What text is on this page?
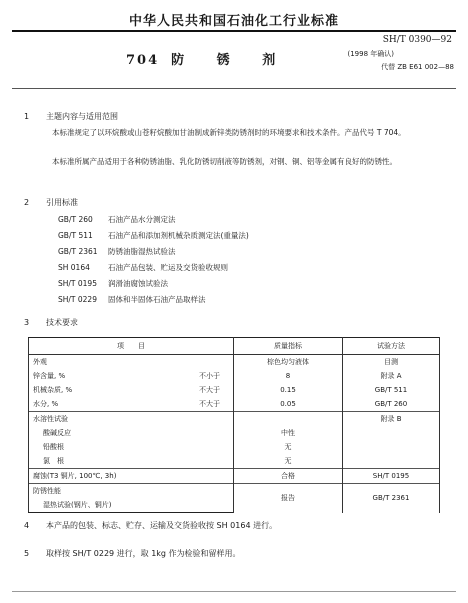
中华人民共和国石油化工行业标准
SH/T 0390—92
704 防 锈 剂	(1998 年确认)
代替 ZB E61 002—88
1 主题内容与适用范围
本标准规定了以环烷酸或山苍籽烷酸加甘油制成新锌类防锈剂时的环境要求和技术条件。产品代号 T 704。
本标准所属产品适用于各种防锈油脂、乳化防锈切削液等防锈剂，对钢、铜、铝等金属有良好的防锈性。
2 引用标准
GB/T 260	石油产品水分测定法
GB/T 511	石油产品和添加剂机械杂质测定法(重量法)
GB/T 2361	防锈油脂湿热试验法
SH 0164	石油产品包装、贮运及交货验收规则
SH/T 0195	润滑油腐蚀试验法
SH/T 0229	固体和半固体石油产品取样法
3 技术要求
项　　目		质量指标	试验方法
外观		棕色均匀液体	目测
锌含量, %	不小于	8	附录 A
机械杂质, %	不大于	0.15	GB/T 511
水分, %	不大于	0.05	GB/T 260
水溶性试验			附录 B
酸碱反应		中性	
铅酸根		无	
氯　根		无	
腐蚀(T3 铜片, 100℃, 3h)		合格	SH/T 0195
防锈性能		报告	GB/T 2361
湿热试验(钢片、铜片)			
4 本产品的包装、标志、贮存、运输及交货验收按 SH 0164 进行。
5 取样按 SH/T 0229 进行，取 1kg 作为检验和留样用。
